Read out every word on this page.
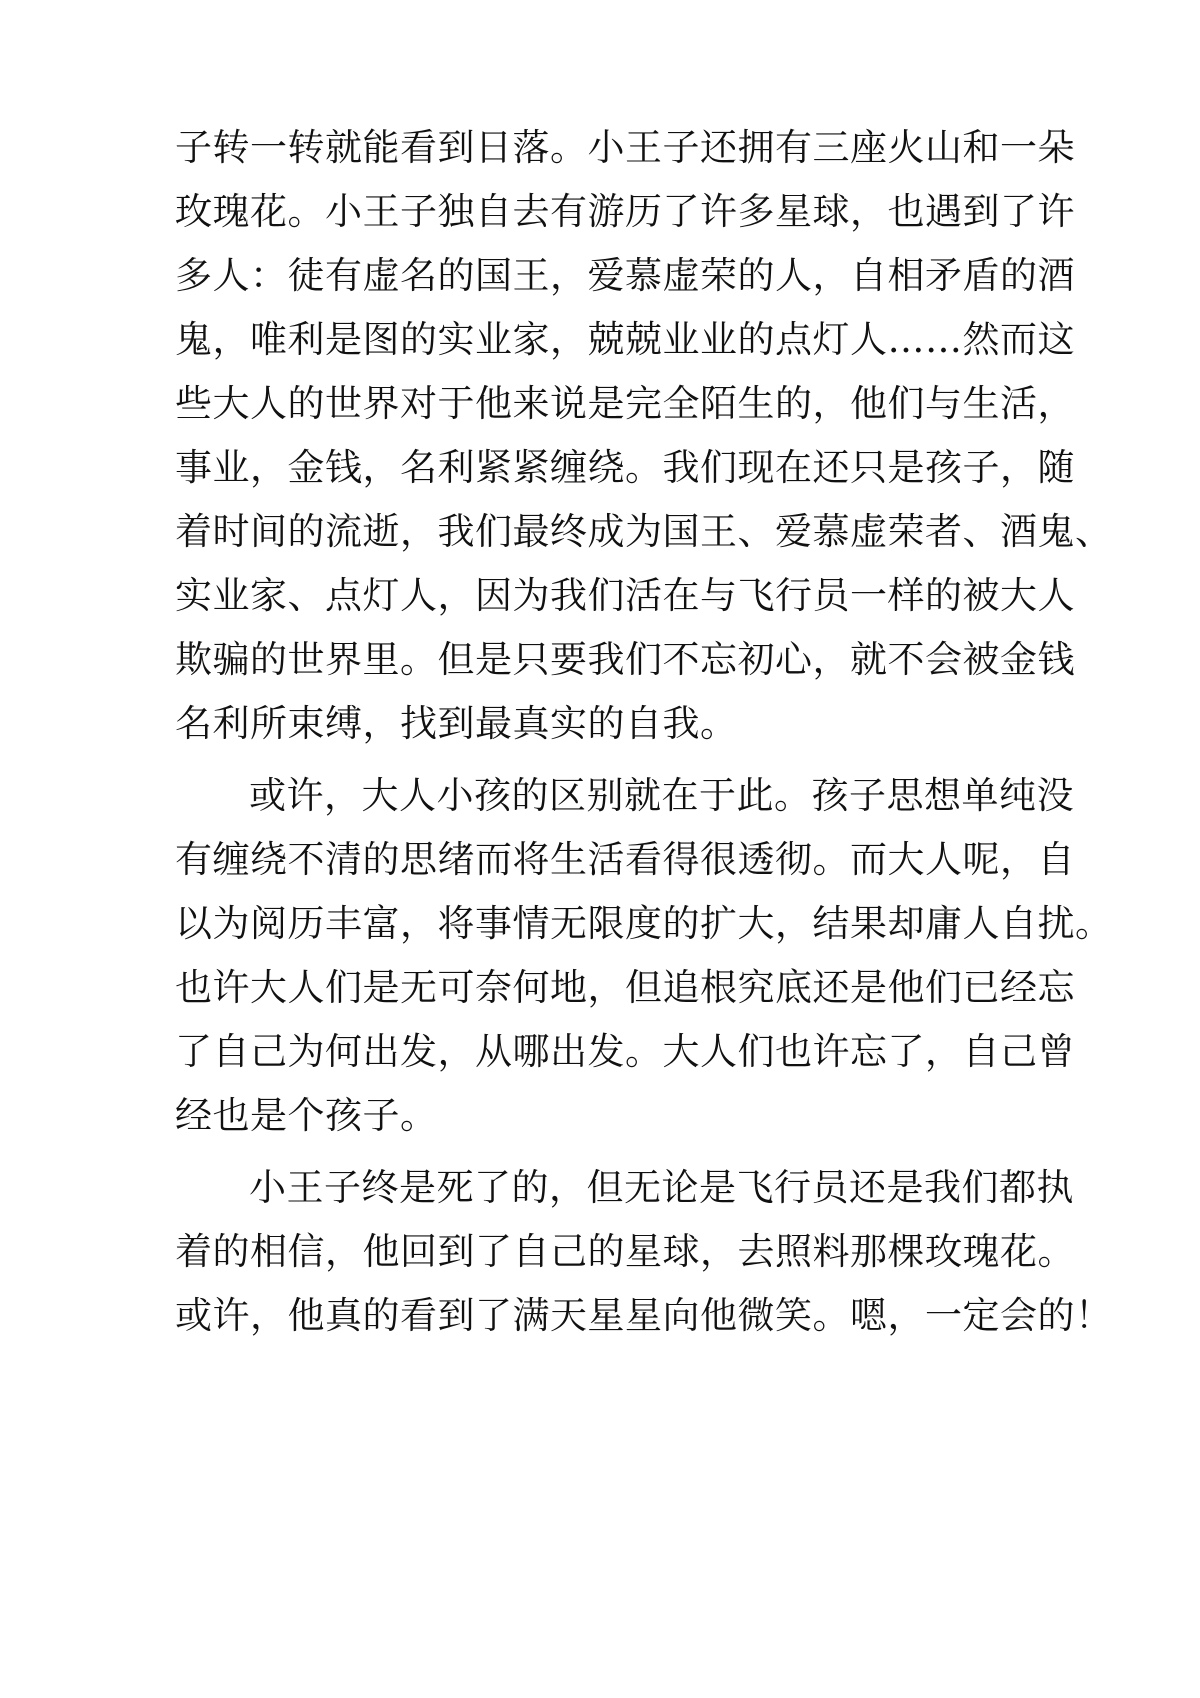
子转一转就能看到日落。小王子还拥有三座火山和一朵
玫瑰花。小王子独自去有游历了许多星球，也遇到了许
多人：徒有虚名的国王，爱慕虚荣的人，自相矛盾的酒
鬼，唯利是图的实业家，兢兢业业的点灯人……然而这
些大人的世界对于他来说是完全陌生的，他们与生活，
事业，金钱，名利紧紧缠绕。我们现在还只是孩子，随
着时间的流逝，我们最终成为国王、爱慕虚荣者、酒鬼、
实业家、点灯人，因为我们活在与飞行员一样的被大人
欺骗的世界里。但是只要我们不忘初心，就不会被金钱
名利所束缚，找到最真实的自我。
或许，大人小孩的区别就在于此。孩子思想单纯没
有缠绕不清的思绪而将生活看得很透彻。而大人呢，自
以为阅历丰富，将事情无限度的扩大，结果却庸人自扰。
也许大人们是无可奈何地，但追根究底还是他们已经忘
了自己为何出发，从哪出发。大人们也许忘了，自己曾
经也是个孩子。
小王子终是死了的，但无论是飞行员还是我们都执
着的相信，他回到了自己的星球，去照料那棵玫瑰花。
或许，他真的看到了满天星星向他微笑。嗯，一定会的！
